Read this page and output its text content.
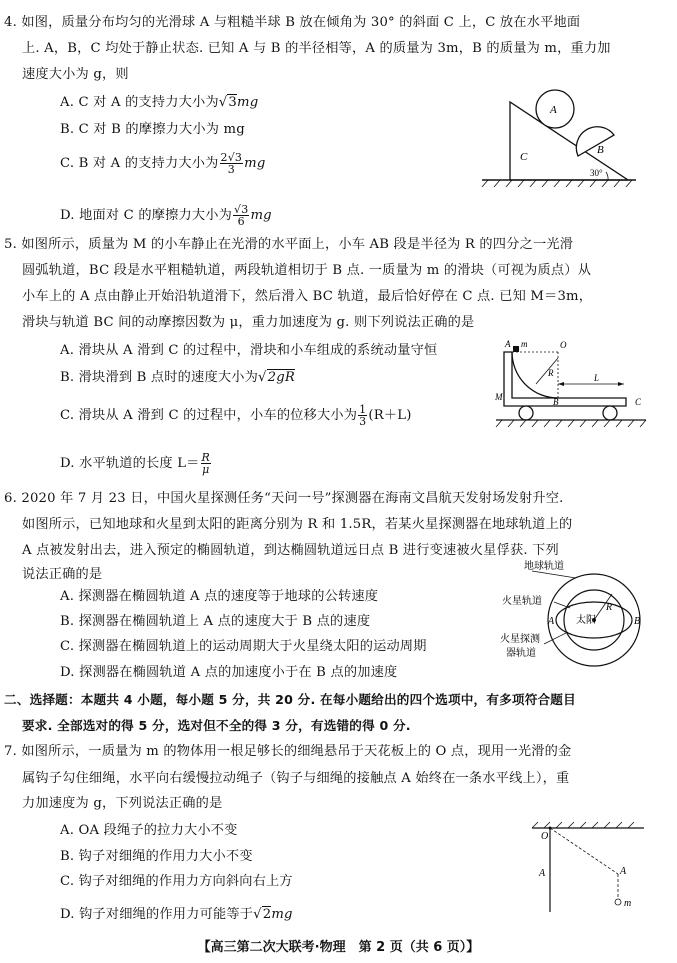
4. 如图，质量分布均匀的光滑球 A 与粗糙半球 B 放在倾角为 30° 的斜面 C 上，C 放在水平地面
上. A，B，C 均处于静止状态. 已知 A 与 B 的半径相等，A 的质量为 3m，B 的质量为 m，重力加
速度大小为 g，则
A. C 对 A 的支持力大小为√3mg
B. C 对 B 的摩擦力大小为 mg
C. B 对 A 的支持力大小为 $\frac{2√3}{3}$ mg
D. 地面对 C 的摩擦力大小为 $\frac{√3}{6}$ mg
A
B
C
30°
5. 如图所示，质量为 M 的小车静止在光滑的水平面上，小车 AB 段是半径为 R 的四分之一光滑
圆弧轨道，BC 段是水平粗糙轨道，两段轨道相切于 B 点. 一质量为 m 的滑块（可视为质点）从
小车上的 A 点由静止开始沿轨道滑下，然后滑入 BC 轨道，最后恰好停在 C 点. 已知 M＝3m，
滑块与轨道 BC 间的动摩擦因数为 μ，重力加速度为 g. 则下列说法正确的是
A. 滑块从 A 滑到 C 的过程中，滑块和小车组成的系统动量守恒
B. 滑块滑到 B 点时的速度大小为√2gR
C. 滑块从 A 滑到 C 的过程中，小车的位移大小为 $\frac{1}{3} (R+L)$
D. 水平轨道的长度 $L= \frac{R}{\mu}$
A m	O
R	L
M	B	C
6. 2020 年 7 月 23 日，中国火星探测任务“天问一号”探测器在海南文昌航天发射场发射升空.
如图所示，已知地球和火星到太阳的距离分别为 R 和 1.5R，若某火星探测器在地球轨道上的
A 点被发射出去，进入预定的椭圆轨道，到达椭圆轨道远日点 B 进行变速被火星俘获. 下列
说法正确的是
A. 探测器在椭圆轨道 A 点的速度等于地球的公转速度
B. 探测器在椭圆轨道上 A 点的速度大于 B 点的速度
C. 探测器在椭圆轨道上的运动周期大于火星绕太阳的运动周期
D. 探测器在椭圆轨道 A 点的加速度小于在 B 点的加速度
地球轨道
火星轨道
太阳
火星探测
器轨道
A	B
R
二、选择题：本题共 4 小题，每小题 5 分，共 20 分. 在每小题给出的四个选项中，有多项符合题目
要求. 全部选对的得 5 分，选对但不全的得 3 分，有选错的得 0 分.
7. 如图所示，一质量为 m 的物体用一根足够长的细绳悬吊于天花板上的 O 点，现用一光滑的金
属钩子勾住细绳，水平向右缓慢拉动绳子（钩子与细绳的接触点 A 始终在一条水平线上），重
力加速度为 g，下列说法正确的是
A. OA 段绳子的拉力大小不变
B. 钩子对细绳的作用力大小不变
C. 钩子对细绳的作用力方向斜向右上方
D. 钩子对细绳的作用力可能等于√2mg
O
A	A
m
【高三第二次大联考·物理　第 2 页（共 6 页）】
